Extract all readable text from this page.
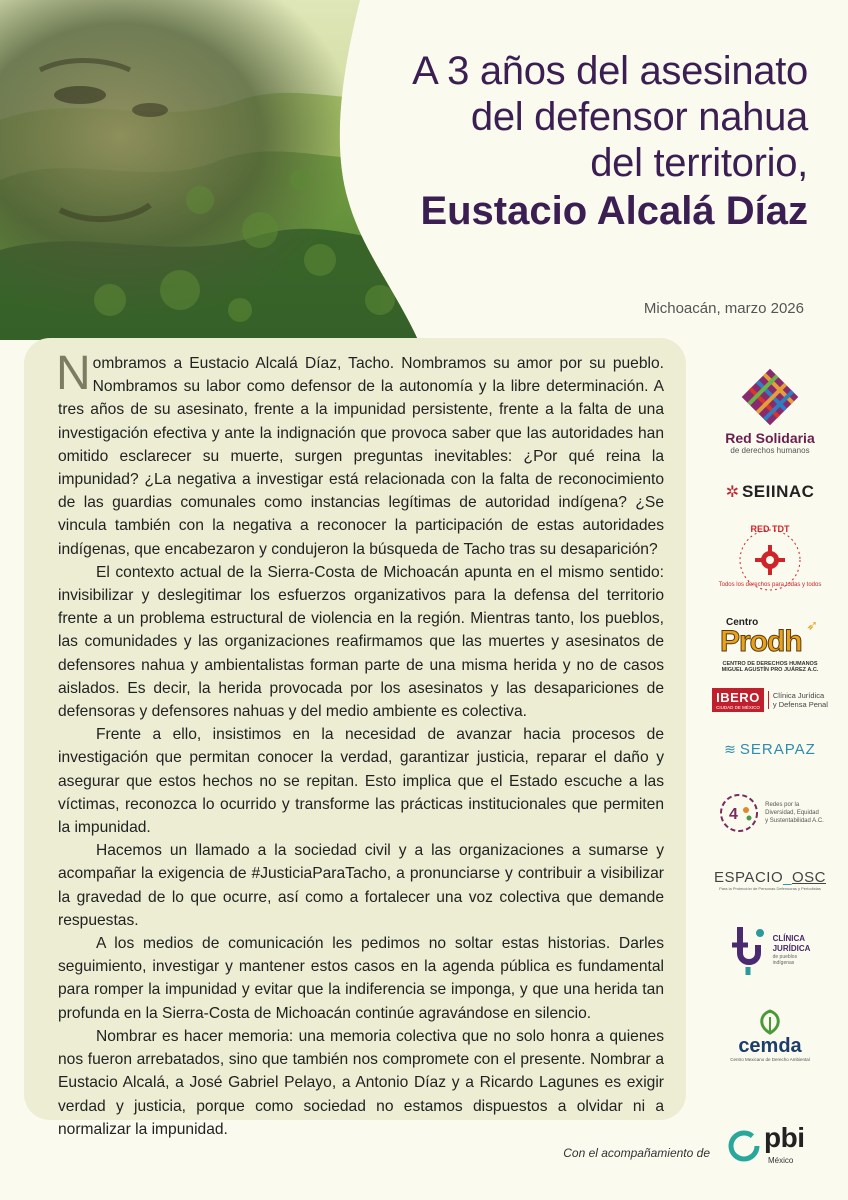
A 3 años del asesinato
del defensor nahua
del territorio,
Eustacio Alcalá Díaz
Michoacán, marzo 2026

Nombramos a Eustacio Alcalá Díaz, Tacho. Nombramos su amor por su pueblo. Nombramos su labor como defensor de la autonomía y la libre determinación. A tres años de su asesinato, frente a la impunidad persistente, frente a la falta de una investigación efectiva y ante la indignación que provoca saber que las autoridades han omitido esclarecer su muerte, surgen preguntas inevitables: ¿Por qué reina la impunidad? ¿La negativa a investigar está relacionada con la falta de reconocimiento de las guardias comunales como instancias legítimas de autoridad indígena? ¿Se vincula también con la negativa a reconocer la participación de estas autoridades indígenas, que encabezaron y condujeron la búsqueda de Tacho tras su desaparición?

El contexto actual de la Sierra-Costa de Michoacán apunta en el mismo sentido: invisibilizar y deslegitimar los esfuerzos organizativos para la defensa del territorio frente a un problema estructural de violencia en la región. Mientras tanto, los pueblos, las comunidades y las organizaciones reafirmamos que las muertes y asesinatos de defensores nahua y ambientalistas forman parte de una misma herida y no de casos aislados. Es decir, la herida provocada por los asesinatos y las desapariciones de defensoras y defensores nahuas y del medio ambiente es colectiva.

Frente a ello, insistimos en la necesidad de avanzar hacia procesos de investigación que permitan conocer la verdad, garantizar justicia, reparar el daño y asegurar que estos hechos no se repitan. Esto implica que el Estado escuche a las víctimas, reconozca lo ocurrido y transforme las prácticas institucionales que permiten la impunidad.

Hacemos un llamado a la sociedad civil y a las organizaciones a sumarse y acompañar la exigencia de #JusticiaParaTacho, a pronunciarse y contribuir a visibilizar la gravedad de lo que ocurre, así como a fortalecer una voz colectiva que demande respuestas.

A los medios de comunicación les pedimos no soltar estas historias. Darles seguimiento, investigar y mantener estos casos en la agenda pública es fundamental para romper la impunidad y evitar que la indiferencia se imponga, y que una herida tan profunda en la Sierra-Costa de Michoacán continúe agravándose en silencio.

Nombrar es hacer memoria: una memoria colectiva que no solo honra a quienes nos fueron arrebatados, sino que también nos compromete con el presente. Nombrar a Eustacio Alcalá, a José Gabriel Pelayo, a Antonio Díaz y a Ricardo Lagunes es exigir verdad y justicia, porque como sociedad no estamos dispuestos a olvidar ni a normalizar la impunidad.

Red Solidaria
de derechos humanos
✲ SEIINAC
RED TDT
Todos los derechos para todas y todos
Centro
Prodh ➶
CENTRO DE DERECHOS HUMANOS
MIGUEL AGUSTÍN PRO JUÁREZ A.C.
IBERO
CIUDAD DE MÉXICO
Clínica Jurídica
y Defensa Penal
≋ SERAPAZ
4
Redes por la
Diversidad, Equidad
y Sustentabilidad A.C.
ESPACIO_OSC
Para la Protección de Personas Defensoras y Periodistas
CLÍNICA
JURÍDICA
de pueblos
indígenas
cemda
Centro Mexicano de Derecho Ambiental
Con el acompañamiento de pbi
México
